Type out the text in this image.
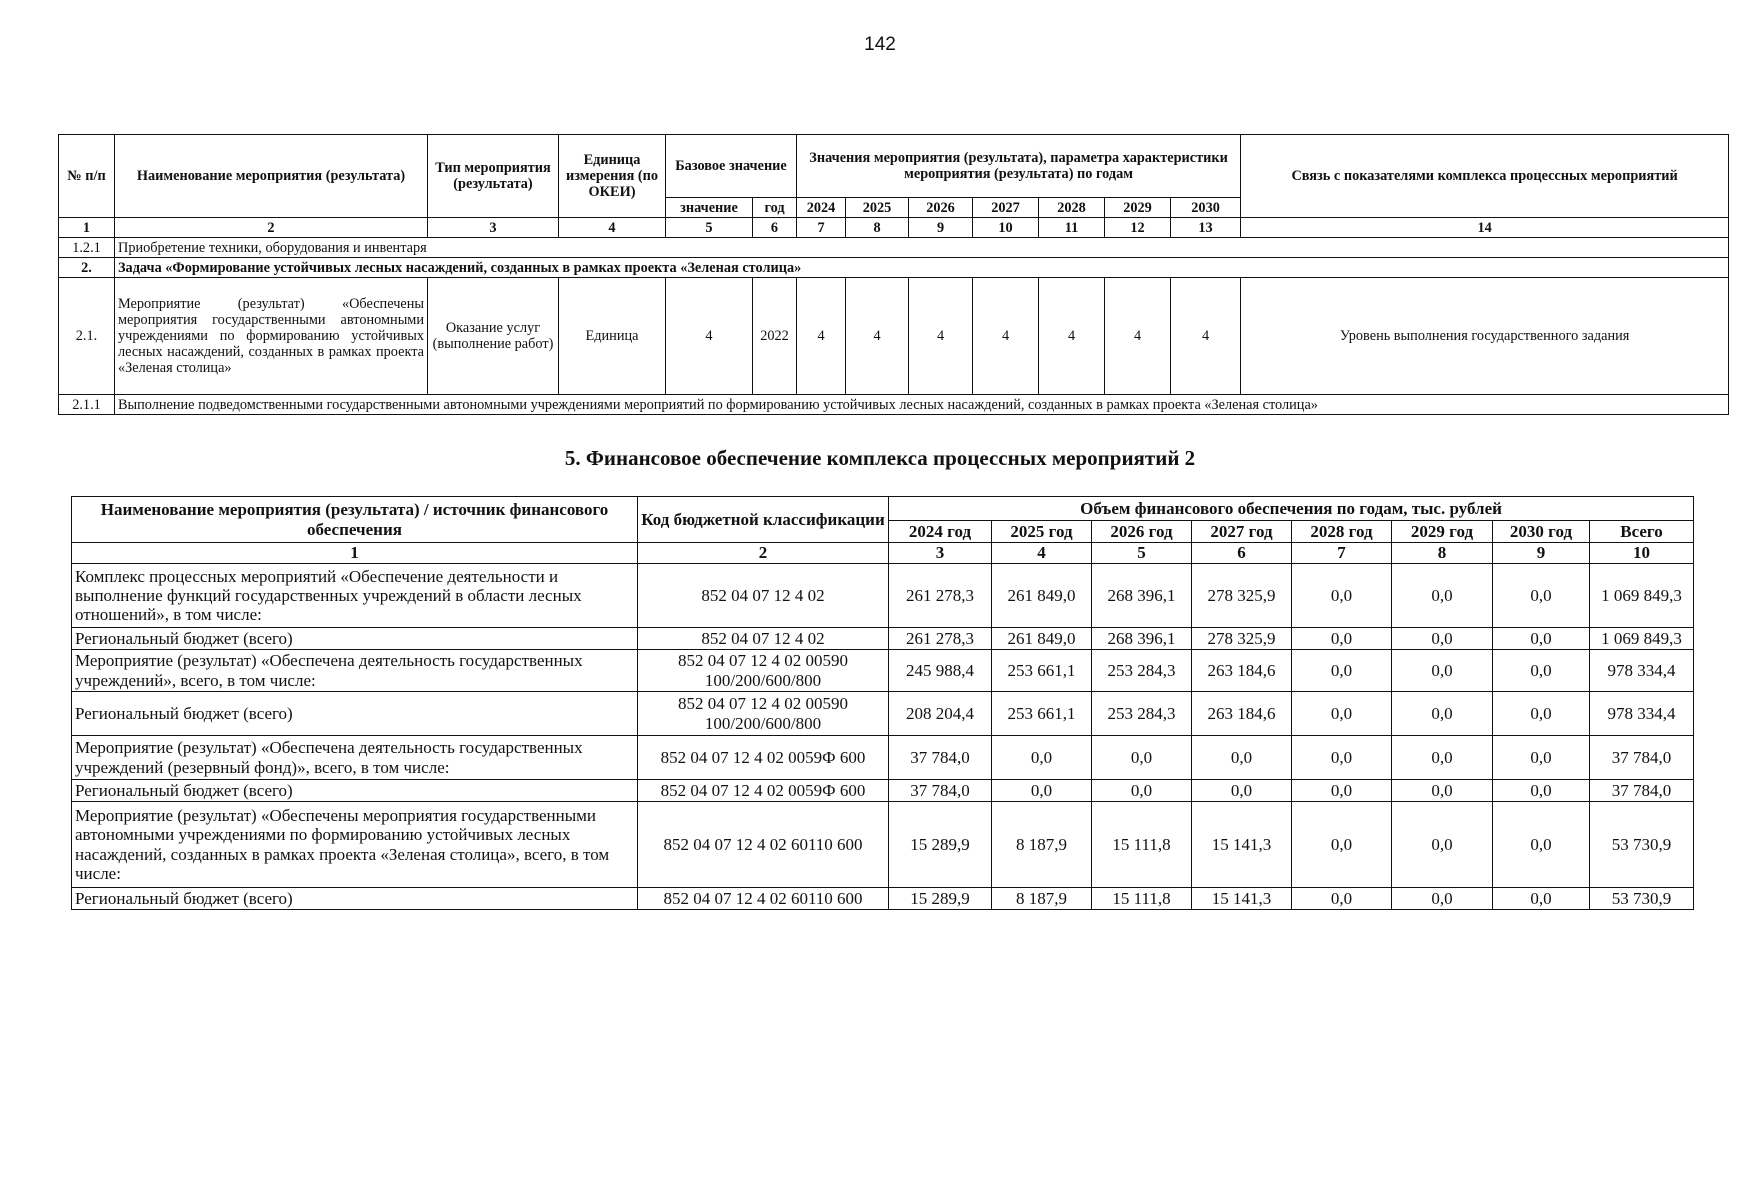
142
№ п/п	Наименование мероприятия (результата)	Тип мероприятия (результата)	Единица измерения (по ОКЕИ)	Базовое значение		Значения мероприятия (результата), параметра характеристики мероприятия (результата) по годам							Связь с показателями комплекса процессных мероприятий
				значение	год	2024	2025	2026	2027	2028	2029	2030	
1	2	3	4	5	6	7	8	9	10	11	12	13	14
1.2.1	Приобретение техники, оборудования и инвентаря												
2.	Задача «Формирование устойчивых лесных насаждений, созданных в рамках проекта «Зеленая столица»												
2.1.	Мероприятие (результат) «Обеспечены мероприятия государственными автономными учреждениями по формированию устойчивых лесных насаждений, созданных в рамках проекта «Зеленая столица»	Оказание услуг (выполнение работ)	Единица	4	2022	4	4	4	4	4	4	4	Уровень выполнения государственного задания
2.1.1	Выполнение подведомственными государственными автономными учреждениями мероприятий по формированию устойчивых лесных насаждений, созданных в рамках проекта «Зеленая столица»												
5. Финансовое обеспечение комплекса процессных мероприятий 2
Наименование мероприятия (результата) / источник финансового обеспечения	Код бюджетной классификации	Объем финансового обеспечения по годам, тыс. рублей							
		2024 год	2025 год	2026 год	2027 год	2028 год	2029 год	2030 год	Всего
1	2	3	4	5	6	7	8	9	10
Комплекс процессных мероприятий «Обеспечение деятельности и выполнение функций государственных учреждений в области лесных отношений», в том числе:	852 04 07 12 4 02	261 278,3	261 849,0	268 396,1	278 325,9	0,0	0,0	0,0	1 069 849,3
Региональный бюджет (всего)	852 04 07 12 4 02	261 278,3	261 849,0	268 396,1	278 325,9	0,0	0,0	0,0	1 069 849,3
Мероприятие (результат) «Обеспечена деятельность государственных учреждений», всего, в том числе:	852 04 07 12 4 02 00590 100/200/600/800	245 988,4	253 661,1	253 284,3	263 184,6	0,0	0,0	0,0	978 334,4
Региональный бюджет (всего)	852 04 07 12 4 02 00590 100/200/600/800	208 204,4	253 661,1	253 284,3	263 184,6	0,0	0,0	0,0	978 334,4
Мероприятие (результат) «Обеспечена деятельность государственных учреждений (резервный фонд)», всего, в том числе:	852 04 07 12 4 02 0059Ф 600	37 784,0	0,0	0,0	0,0	0,0	0,0	0,0	37 784,0
Региональный бюджет (всего)	852 04 07 12 4 02 0059Ф 600	37 784,0	0,0	0,0	0,0	0,0	0,0	0,0	37 784,0
Мероприятие (результат) «Обеспечены мероприятия государственными автономными учреждениями по формированию устойчивых лесных насаждений, созданных в рамках проекта «Зеленая столица», всего, в том числе:	852 04 07 12 4 02 60110 600	15 289,9	8 187,9	15 111,8	15 141,3	0,0	0,0	0,0	53 730,9
Региональный бюджет (всего)	852 04 07 12 4 02 60110 600	15 289,9	8 187,9	15 111,8	15 141,3	0,0	0,0	0,0	53 730,9
